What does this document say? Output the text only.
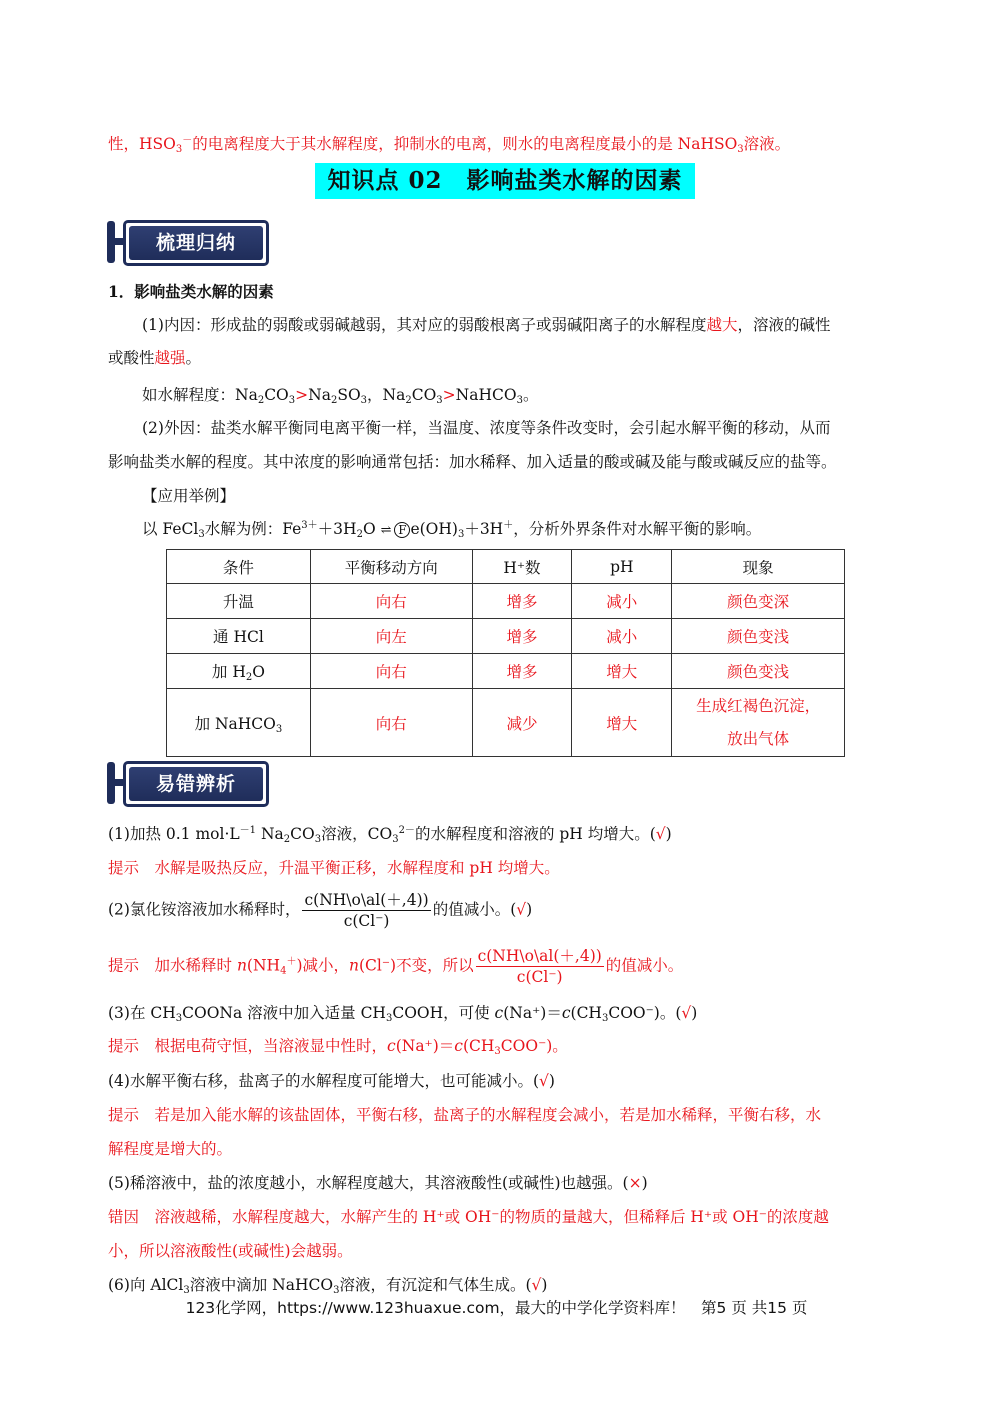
性，$HSO_3^-$的电离程度大于其水解程度，抑制水的电离，则水的电离程度最小的是 NaHSO$_3$溶液。
知识点 02　影响盐类水解的因素
梳理归纳
1．影响盐类水解的因素
(1)内因：形成盐的弱酸或弱碱越弱，其对应的弱酸根离子或弱碱阳离子的水解程度越大，溶液的碱性
或酸性越强。
如水解程度：$Na_2CO_3>Na_2SO_3$，$Na_2CO_3>NaHCO_3$。
(2)外因：盐类水解平衡同电离平衡一样，当温度、浓度等条件改变时，会引起水解平衡的移动，从而
影响盐类水解的程度。其中浓度的影响通常包括：加水稀释、加入适量的酸或碱及能与酸或碱反应的盐等。
【应用举例】
以 FeCl$_3$水解为例：$Fe^{3+}+3H_2O$ ⇌ F $e(OH)_3+3H^+$，分析外界条件对水解平衡的影响。
条件	平衡移动方向	H⁺数	pH	现象
升温	向右	增多	减小	颜色变深
通 HCl	向左	增多	减小	颜色变浅
加 $H_2O$	向右	增多	增大	颜色变浅
加 NaHCO$_3$	向右	减少	增大	生成红褐色沉淀，
放出气体
易错辨析
(1)加热 0.1 $mol\cdot L^{-1}$ $Na_2CO_3$溶液，$CO_3^{2-}$的水解程度和溶液的 pH 均增大。(√)
提示　水解是吸热反应，升温平衡正移，水解程度和 pH 均增大。
(2)氯化铵溶液加水稀释时， $\frac{c(NH\backslash o\backslash al(+,4))}{c(Cl^-)}$ 的值减小。(√)
提示　加水稀释时 $n(NH_4^+)$减小，n(Cl⁻)不变，所以 $\frac{c(NH\backslash o\backslash al(+,4))}{c(Cl^-)}$ 的值减小。
(3)在 $CH_3COONa$ 溶液中加入适量 $CH_3COOH$，可使 $c(Na^+)=c(CH_3COO^-)$。(√)
提示　根据电荷守恒，当溶液显中性时，$c(Na^+)=c(CH_3COO^-)$。
(4)水解平衡右移，盐离子的水解程度可能增大，也可能减小。(√)
提示　若是加入能水解的该盐固体，平衡右移，盐离子的水解程度会减小，若是加水稀释，平衡右移，水
解程度是增大的。
(5)稀溶液中，盐的浓度越小，水解程度越大，其溶液酸性(或碱性)也越强。(×)
错因　溶液越稀，水解程度越大，水解产生的 H⁺或 OH⁻的物质的量越大，但稀释后 H⁺或 OH⁻的浓度越
小，所以溶液酸性(或碱性)会越弱。
(6)向 AlCl$_3$溶液中滴加 NaHCO$_3$溶液，有沉淀和气体生成。(√)
123化学网，https://www.123huaxue.com，最大的中学化学资料库！　第5 页 共15 页
